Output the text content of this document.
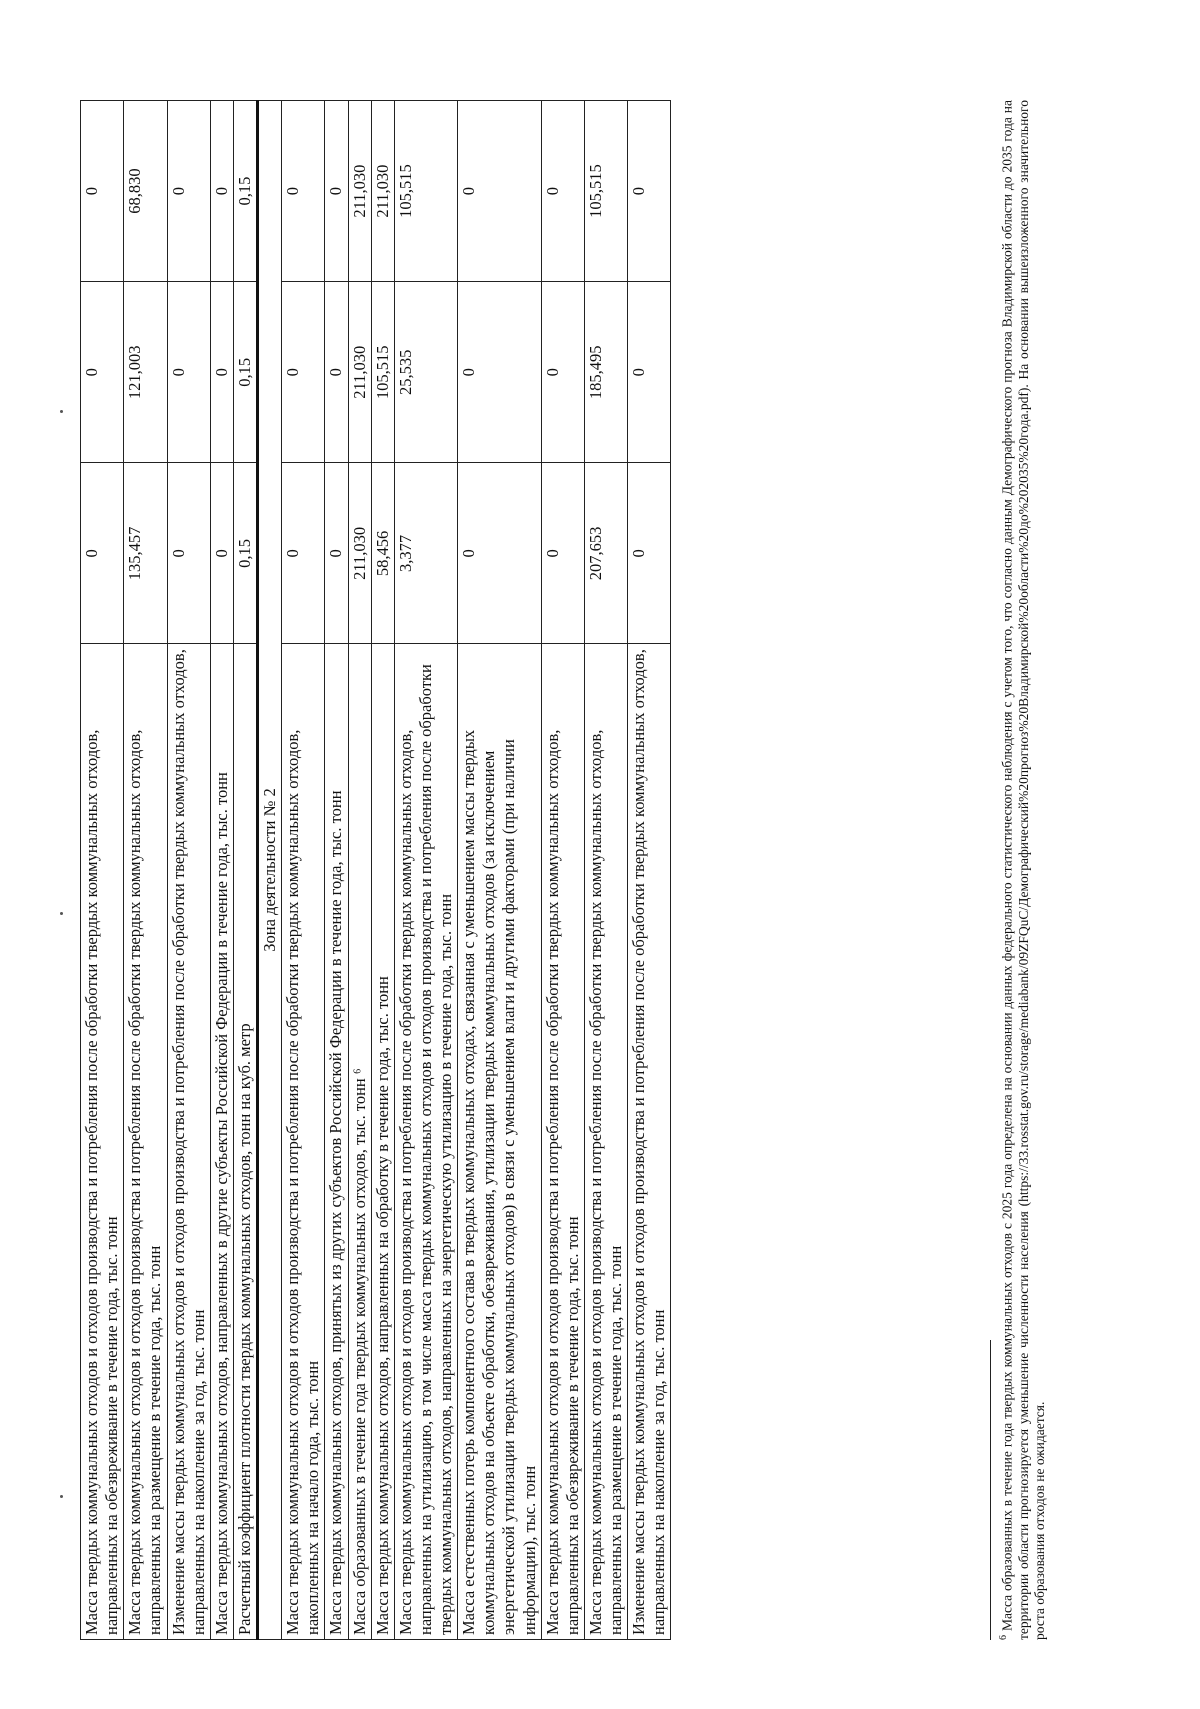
Масса твердых коммунальных отходов и отходов производства и потребления после обработки твердых коммунальных отходов, направленных на обезвреживание в течение года, тыс. тонн	0	0	0
Масса твердых коммунальных отходов и отходов производства и потребления после обработки твердых коммунальных отходов, направленных на размещение в течение года, тыс. тонн	135,457	121,003	68,830
Изменение массы твердых коммунальных отходов и отходов производства и потребления после обработки твердых коммунальных отходов, направленных на накопление за год, тыс. тонн	0	0	0
Масса твердых коммунальных отходов, направленных в другие субъекты Российской Федерации в течение года, тыс. тонн	0	0	0
Расчетный коэффициент плотности твердых коммунальных отходов, тонн на куб. метр	0,15	0,15	0,15
Зона деятельности № 2			
Масса твердых коммунальных отходов и отходов производства и потребления после обработки твердых коммунальных отходов, накопленных на начало года, тыс. тонн	0	0	0
Масса твердых коммунальных отходов, принятых из других субъектов Российской Федерации в течение года, тыс. тонн	0	0	0
Масса образованных в течение года твердых коммунальных отходов, тыс. тонн ⁶	211,030	211,030	211,030
Масса твердых коммунальных отходов, направленных на обработку в течение года, тыс. тонн	58,456	105,515	211,030
Масса твердых коммунальных отходов и отходов производства и потребления после обработки твердых коммунальных отходов, направленных на утилизацию, в том числе масса твердых коммунальных отходов и отходов производства и потребления после обработки твердых коммунальных отходов, направленных на энергетическую утилизацию в течение года, тыс. тонн	3,377	25,535	105,515
Масса естественных потерь компонентного состава в твердых коммунальных отходах, связанная с уменьшением массы твердых коммунальных отходов на объекте обработки, обезвреживания, утилизации твердых коммунальных отходов (за исключением энергетической утилизации твердых коммунальных отходов) в связи с уменьшением влаги и другими факторами (при наличии информации), тыс. тонн	0	0	0
Масса твердых коммунальных отходов и отходов производства и потребления после обработки твердых коммунальных отходов, направленных на обезвреживание в течение года, тыс. тонн	0	0	0
Масса твердых коммунальных отходов и отходов производства и потребления после обработки твердых коммунальных отходов, направленных на размещение в течение года, тыс. тонн	207,653	185,495	105,515
Изменение массы твердых коммунальных отходов и отходов производства и потребления после обработки твердых коммунальных отходов, направленных на накопление за год, тыс. тонн	0	0	0
$^6$ Масса образованных в течение года твердых коммунальных отходов с 2025 года определена на основании данных федерального статистического наблюдения с учетом того, что согласно данным Демографического прогноза Владимирской области до 2035 года на территории области прогнозируется уменьшение численности населения (https://33.rosstat.gov.ru/storage/mediabank/09ZFQuC/Демографический%20прогноз%20Владимирской%20области%20до%202035%20года.pdf). На основании вышеизложенного значительного роста образования отходов не ожидается.
